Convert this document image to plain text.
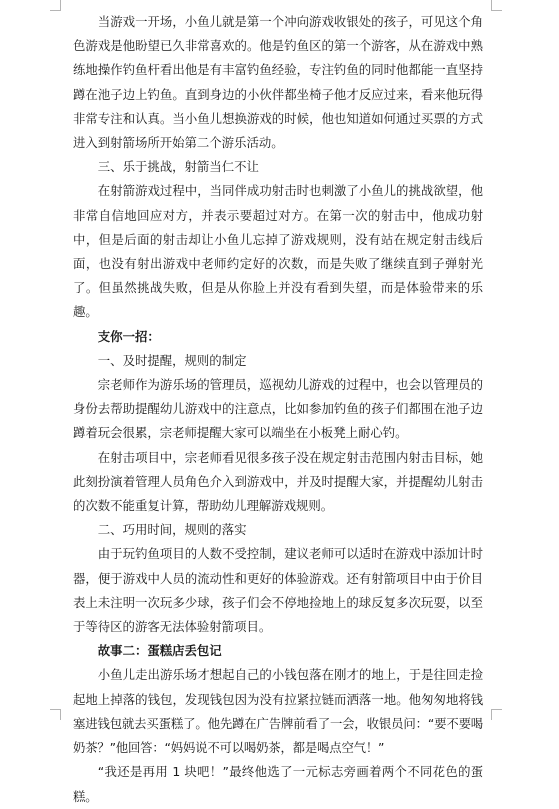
当游戏一开场，小鱼儿就是第一个冲向游戏收银处的孩子，可见这个角色游戏是他盼望已久非常喜欢的。他是钓鱼区的第一个游客，从在游戏中熟练地操作钓鱼杆看出他是有丰富钓鱼经验，专注钓鱼的同时他都能一直坚持蹲在池子边上钓鱼。直到身边的小伙伴都坐椅子他才反应过来，看来他玩得非常专注和认真。当小鱼儿想换游戏的时候，他也知道如何通过买票的方式进入到射箭场所开始第二个游乐活动。

三、乐于挑战，射箭当仁不让

在射箭游戏过程中，当同伴成功射击时也刺激了小鱼儿的挑战欲望，他非常自信地回应对方，并表示要超过对方。在第一次的射击中，他成功射中，但是后面的射击却让小鱼儿忘掉了游戏规则，没有站在规定射击线后面，也没有射出游戏中老师约定好的次数，而是失败了继续直到子弹射光了。但虽然挑战失败，但是从你脸上并没有看到失望，而是体验带来的乐趣。

支你一招：

一、及时提醒，规则的制定

宗老师作为游乐场的管理员，巡视幼儿游戏的过程中，也会以管理员的身份去帮助提醒幼儿游戏中的注意点，比如参加钓鱼的孩子们都围在池子边蹲着玩会很累，宗老师提醒大家可以端坐在小板凳上耐心钓。

在射击项目中，宗老师看见很多孩子没在规定射击范围内射击目标，她此刻扮演着管理人员角色介入到游戏中，并及时提醒大家，并提醒幼儿射击的次数不能重复计算，帮助幼儿理解游戏规则。

二、巧用时间，规则的落实

由于玩钓鱼项目的人数不受控制，建议老师可以适时在游戏中添加计时器，便于游戏中人员的流动性和更好的体验游戏。还有射箭项目中由于价目表上未注明一次玩多少球，孩子们会不停地捡地上的球反复多次玩耍，以至于等待区的游客无法体验射箭项目。

故事二：蛋糕店丢包记

小鱼儿走出游乐场才想起自己的小钱包落在刚才的地上，于是往回走捡起地上掉落的钱包，发现钱包因为没有拉紧拉链而洒落一地。他匆匆地将钱塞进钱包就去买蛋糕了。他先蹲在广告牌前看了一会，收银员问：“要不要喝奶茶？”他回答：“妈妈说不可以喝奶茶，都是喝点空气！”

“我还是再用 1 块吧！”最终他选了一元标志旁画着两个不同花色的蛋糕。
